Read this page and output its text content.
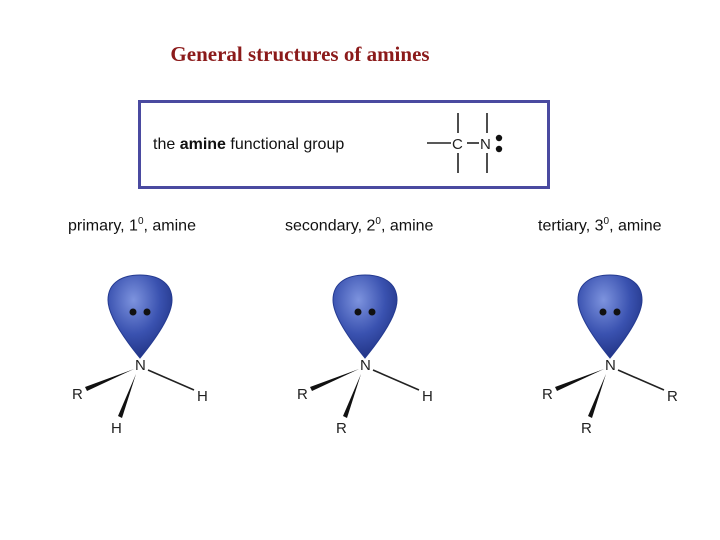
General structures of amines
the amine functional group	C N
primary, $1^0$, amine	secondary, $2^0$, amine	tertiary, $3^0$, amine
N
R	H
H
N
R	H
R
N
R	R
R
